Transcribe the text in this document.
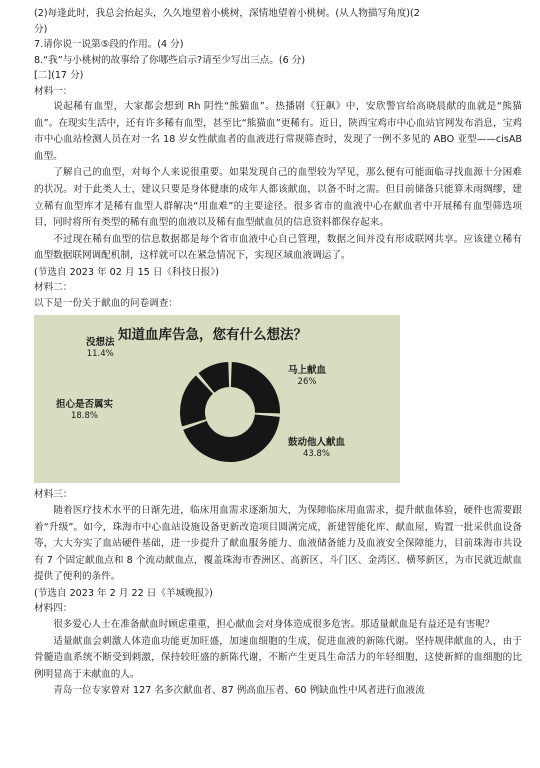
(2)每逢此时，我总会抬起头，久久地望着小桃树，深情地望着小桃树。(从人物描写角度)(2
分)
7.请你说一说第⑤段的作用。(4 分)
8.“我”与小桃树的故事给了你哪些启示?请至少写出三点。(6 分)
[二](17 分)
材料一：
说起稀有血型，大家都会想到 Rh 阴性“熊猫血”。热播剧《狂飙》中，安欣警官给高晓晨献的血就是“熊猫血”。在现实生活中，还有许多稀有血型，甚至比“熊猫血”更稀有。近日，陕西宝鸡市中心血站官网发布消息，宝鸡市中心血站检测人员在对一名 18 岁女性献血者的血液进行常规筛查时，发现了一例不多见的 ABO 亚型——cisAB 血型。
了解自己的血型，对每个人来说很重要。如果发现自己的血型较为罕见，那么便有可能面临寻找血源十分困难的状况。对于此类人士，建议只要是身体健康的成年人都该献血，以备不时之需。但目前储备只能算未雨绸缪，建立稀有血型库才是稀有血型人群解决“用血难”的主要途径。很多省市的血液中心在献血者中开展稀有血型筛选项目，同时将所有类型的稀有血型的血液以及稀有血型献血员的信息资料都保存起来。
不过现在稀有血型的信息数据都是每个省市血液中心自己管理，数据之间并没有形成联网共享。应该建立稀有血型数据联网调配机制，这样就可以在紧急情况下，实现区域血液调运了。
(节选自 2023 年 02 月 15 日《科技日报》)
材料二：
以下是一份关于献血的问卷调查：
知道血库告急，您有什么想法？
马上献血
26%
鼓动他人献血
43.8%
担心是否属实
18.8%
没想法
11.4%
材料三：
随着医疗技术水平的日渐先进，临床用血需求逐渐加大，为保障临床用血需求，提升献血体验，硬件也需要跟着“升级”。如今，珠海市中心血站设施设备更新改造项目圆满完成，新建智能化库、献血屋，购置一批采供血设备等，大大夯实了血站硬件基础，进一步提升了献血服务能力、血液储备能力及血液安全保障能力，目前珠海市共设有 7 个固定献血点和 8 个流动献血点，覆盖珠海市香洲区、高新区、斗门区、金湾区、横琴新区，为市民就近献血提供了便利的条件。
(节选自 2023 年 2 月 22 日《羊城晚报》)
材料四：
很多爱心人士在准备献血时顾虑重重，担心献血会对身体造成很多危害。那适量献血是有益还是有害呢？
适量献血会刺激人体造血功能更加旺盛，加速血细胞的生成，促进血液的新陈代谢。坚持规律献血的人，由于骨髓造血系统不断受到刺激，保持较旺盛的新陈代谢，不断产生更具生命活力的年轻细胞，这使新鲜的血细胞的比例明显高于未献血的人。
青岛一位专家曾对 127 名多次献血者、87 例高血压者、60 例缺血性中风者进行血液流
